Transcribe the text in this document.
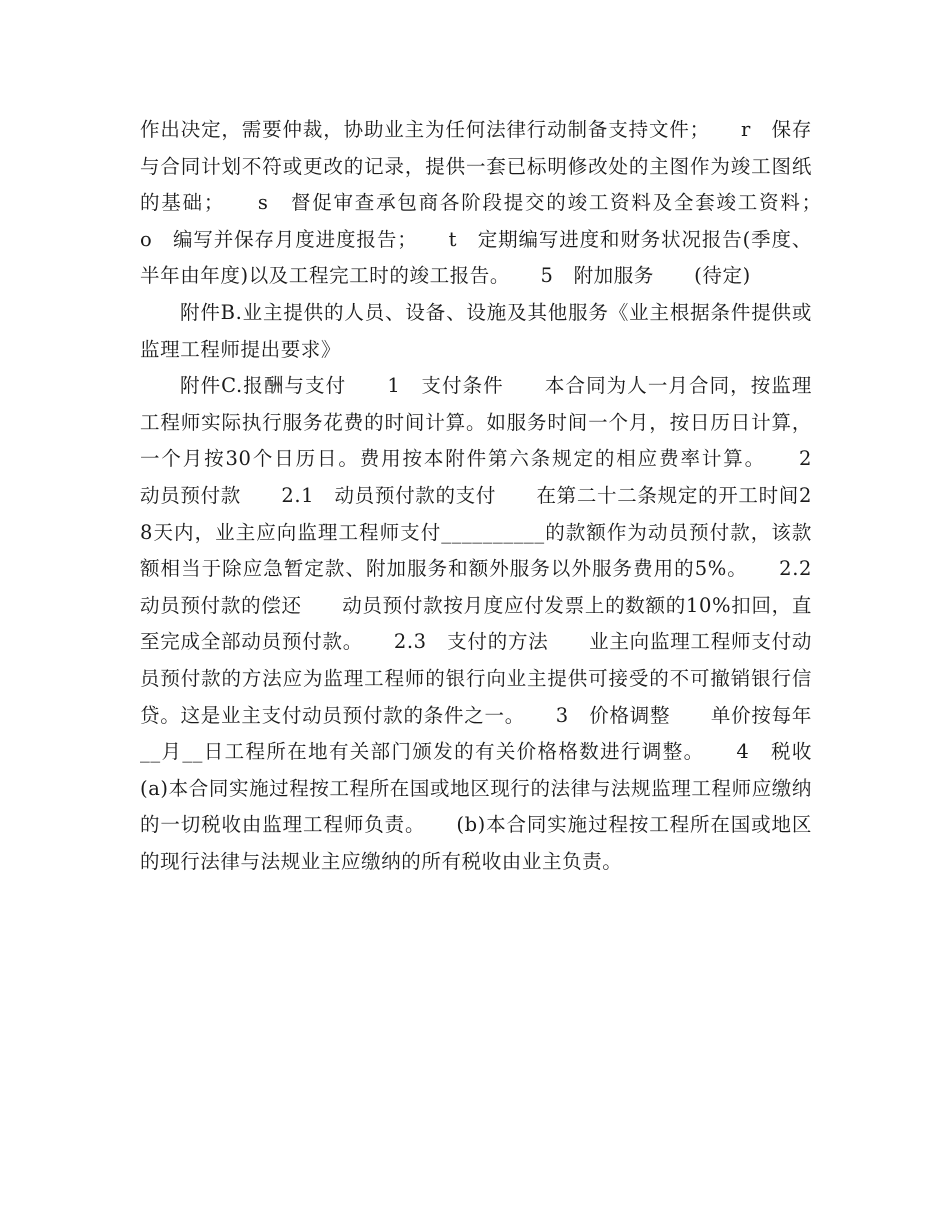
作出决定，需要仲裁，协助业主为任何法律行动制备支持文件；　　r　保存与合同计划不符或更改的记录，提供一套已标明修改处的主图作为竣工图纸的基础；　　s　督促审查承包商各阶段提交的竣工资料及全套竣工资料；　　o　编写并保存月度进度报告；　　t　定期编写进度和财务状况报告(季度、半年由年度)以及工程完工时的竣工报告。　　5　附加服务　　(待定)

附件B.业主提供的人员、设备、设施及其他服务《业主根据条件提供或监理工程师提出要求》

附件C.报酬与支付　　1　支付条件　　本合同为人一月合同，按监理工程师实际执行服务花费的时间计算。如服务时间一个月，按日历日计算，一个月按30个日历日。费用按本附件第六条规定的相应费率计算。　　2　动员预付款　　2.1　动员预付款的支付　　在第二十二条规定的开工时间28天内，业主应向监理工程师支付__________的款额作为动员预付款，该款额相当于除应急暂定款、附加服务和额外服务以外服务费用的5%。　　2.2　动员预付款的偿还　　动员预付款按月度应付发票上的数额的10%扣回，直至完成全部动员预付款。　　2.3　支付的方法　　业主向监理工程师支付动员预付款的方法应为监理工程师的银行向业主提供可接受的不可撤销银行信贷。这是业主支付动员预付款的条件之一。　　3　价格调整　　单价按每年__月__日工程所在地有关部门颁发的有关价格格数进行调整。　　4　税收　　(a)本合同实施过程按工程所在国或地区现行的法律与法规监理工程师应缴纳的一切税收由监理工程师负责。　　(b)本合同实施过程按工程所在国或地区的现行法律与法规业主应缴纳的所有税收由业主负责。
